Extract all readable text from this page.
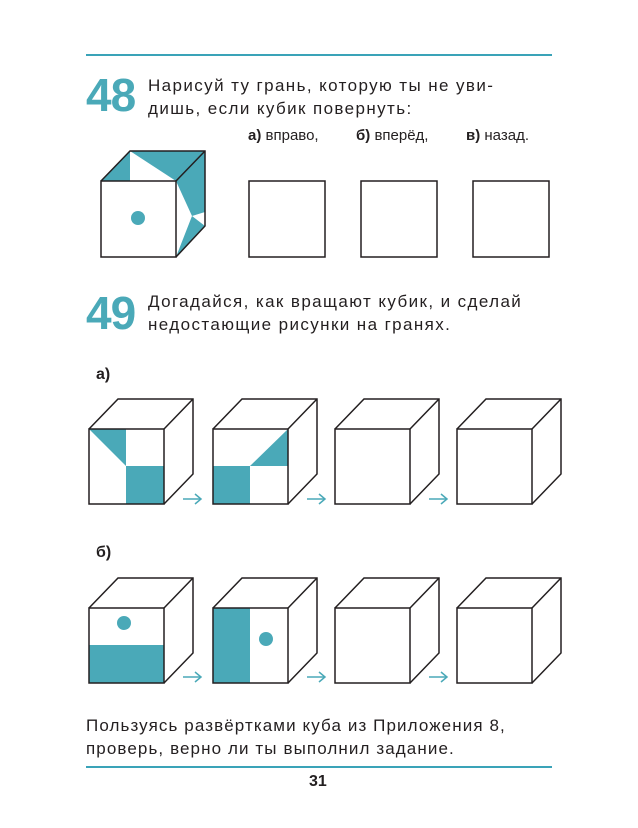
48 Нарисуй ту грань, которую ты не уви-
дишь, если кубик повернуть:
а) вправо, б) вперёд,	в) назад.
49 Догадайся, как вращают кубик, и сделай
недостающие рисунки на гранях.
а)
б)
Пользуясь развёртками куба из Приложения 8,
проверь, верно ли ты выполнил задание.
31
